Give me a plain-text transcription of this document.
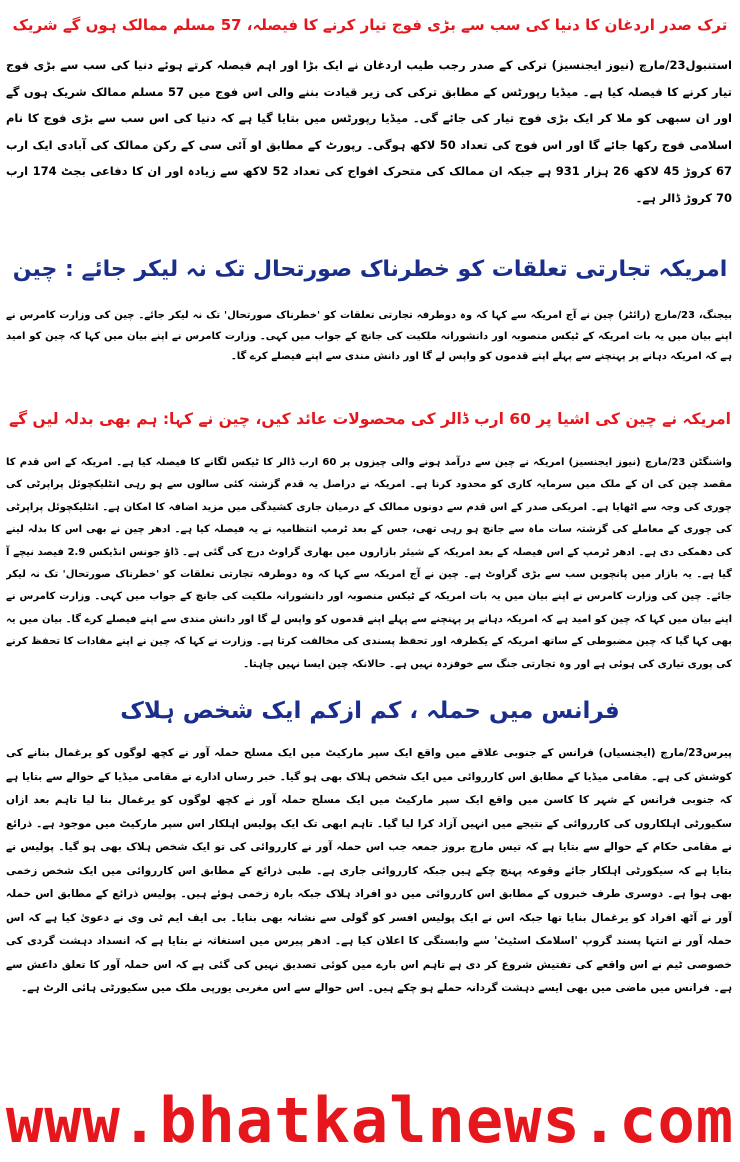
ترک صدر اردغان کا دنیا کی سب سے بڑی فوج تیار کرنے کا فیصلہ، 57 مسلم ممالک ہوں گے شریک

استنبول23/مارچ (نیوز ایجنسیز) ترکی کے صدر رجب طیب اردغان نے ایک بڑا اور اہم فیصلہ کرتے ہوئے دنیا کی سب سے بڑی فوج تیار کرنے کا فیصلہ کیا ہے۔ میڈیا رپورٹس کے مطابق ترکی کی زیر قیادت بننے والی اس فوج میں 57 مسلم ممالک شریک ہوں گے اور ان سبھی کو ملا کر ایک بڑی فوج تیار کی جائے گی۔ میڈیا رپورٹس میں بتایا گیا ہے کہ دنیا کی اس سب سے بڑی فوج کا نام اسلامی فوج رکھا جائے گا اور اس فوج کی تعداد 50 لاکھ ہوگی۔ رپورٹ کے مطابق او آئی سی کے رکن ممالک کی آبادی ایک ارب 67 کروڑ 45 لاکھ 26 ہزار 931 ہے جبکہ ان ممالک کی متحرک افواج کی تعداد 52 لاکھ سے زیادہ اور ان کا دفاعی بجٹ 174 ارب 70 کروڑ ڈالر ہے۔

امریکہ تجارتی تعلقات کو خطرناک صورتحال تک نہ لیکر جائے : چین

بیجنگ، 23/مارچ (رائٹر) چین نے آج امریکہ سے کہا کہ وہ دوطرفہ تجارتی تعلقات کو 'خطرناک صورتحال' تک نہ لیکر جائے۔ چین کی وزارت کامرس نے اپنے بیان میں یہ بات امریکہ کے ٹیکس منصوبہ اور دانشورانہ ملکیت کی جانچ کے جواب میں کہی۔ وزارت کامرس نے اپنے بیان میں کہا کہ چین کو امید ہے کہ امریکہ دہانے پر پہنچنے سے پہلے اپنے قدموں کو واپس لے گا اور دانش مندی سے اپنے فیصلے کرے گا۔

امریکہ نے چین کی اشیا پر 60 ارب ڈالر کی محصولات عائد کیں، چین نے کہا: ہم بھی بدلہ لیں گے

واشنگٹن 23/مارچ (نیوز ایجنسیز) امریکہ نے چین سے درآمد ہونے والی چیزوں پر 60 ارب ڈالر کا ٹیکس لگانے کا فیصلہ کیا ہے۔ امریکہ کے اس قدم کا مقصد چین کی ان کے ملک میں سرمایہ کاری کو محدود کرنا ہے۔ امریکہ نے دراصل یہ قدم گزشتہ کئی سالوں سے ہو رہی انٹلیکچوئل پراپرٹی کی چوری کی وجہ سے اٹھایا ہے۔ امریکی صدر کے اس قدم سے دونوں ممالک کے درمیان جاری کشیدگی میں مزید اضافہ کا امکان ہے۔ انٹلیکچوئل پراپرٹی کی چوری کے معاملے کی گزشتہ سات ماہ سے جانچ ہو رہی تھی، جس کے بعد ٹرمپ انتظامیہ نے یہ فیصلہ کیا ہے۔ ادھر چین نے بھی اس کا بدلہ لینے کی دھمکی دی ہے۔ ادھر ٹرمپ کے اس فیصلہ کے بعد امریکہ کے شیئر بازاروں میں بھاری گراوٹ درج کی گئی ہے۔ ڈاؤ جونس انڈیکس 2.9 فیصد نیچے آ گیا ہے۔ یہ بازار میں پانچویں سب سے بڑی گراوٹ ہے۔ چین نے آج امریکہ سے کہا کہ وہ دوطرفہ تجارتی تعلقات کو 'خطرناک صورتحال' تک نہ لیکر جائے۔ چین کی وزارت کامرس نے اپنے بیان میں یہ بات امریکہ کے ٹیکس منصوبہ اور دانشورانہ ملکیت کی جانچ کے جواب میں کہی۔ وزارت کامرس نے اپنے بیان میں کہا کہ چین کو امید ہے کہ امریکہ دہانے پر پہنچنے سے پہلے اپنے قدموں کو واپس لے گا اور دانش مندی سے اپنے فیصلے کرے گا۔ بیان میں یہ بھی کہا گیا کہ چین مضبوطی کے ساتھ امریکہ کے یکطرفہ اور تحفظ پسندی کی مخالفت کرتا ہے۔ وزارت نے کہا کہ چین نے اپنے مفادات کا تحفظ کرنے کی پوری تیاری کی ہوئی ہے اور وہ تجارتی جنگ سے خوفزدہ نہیں ہے۔ حالانکہ چین ایسا نہیں چاہتا۔

فرانس میں حملہ ، کم ازکم ایک شخص ہلاک

پیرس23/مارچ (ایجنسیاں) فرانس کے جنوبی علاقے میں واقع ایک سپر مارکیٹ میں ایک مسلح حملہ آور نے کچھ لوگوں کو یرغمال بنانے کی کوشش کی ہے۔ مقامی میڈیا کے مطابق اس کارروائی میں ایک شخص ہلاک بھی ہو گیا۔ خبر رساں ادارے نے مقامی میڈیا کے حوالے سے بتایا ہے کہ جنوبی فرانس کے شہر کا کاسن میں واقع ایک سپر مارکیٹ میں ایک مسلح حملہ آور نے کچھ لوگوں کو یرغمال بنا لیا تاہم بعد ازاں سکیورٹی اہلکاروں کی کارروائی کے نتیجے میں انہیں آزاد کرا لیا گیا۔ تاہم ابھی تک ایک پولیس اہلکار اس سپر مارکیٹ میں موجود ہے۔ ذرائع نے مقامی حکام کے حوالے سے بتایا ہے کہ تیس مارچ بروز جمعہ جب اس حملہ آور نے کارروائی کی تو ایک شخص ہلاک بھی ہو گیا۔ پولیس نے بتایا ہے کہ سیکورٹی اہلکار جائے وقوعہ پہنچ چکے ہیں جبکہ کارروائی جاری ہے۔ طبی ذرائع کے مطابق اس کارروائی میں ایک شخص زخمی بھی ہوا ہے۔ دوسری طرف خبروں کے مطابق اس کارروائی میں دو افراد ہلاک جبکہ بارہ زخمی ہوئے ہیں۔ پولیس ذرائع کے مطابق اس حملہ آور نے آٹھ افراد کو یرغمال بنایا تھا جبکہ اس نے ایک پولیس افسر کو گولی سے نشانہ بھی بنایا۔ بی ایف ایم ٹی وی نے دعویٰ کیا ہے کہ اس حملہ آور نے انتہا پسند گروپ 'اسلامک اسٹیٹ' سے وابستگی کا اعلان کیا ہے۔ ادھر پیرس میں استغاثہ نے بتایا ہے کہ انسداد دہشت گردی کی خصوصی ٹیم نے اس واقعے کی تفتیش شروع کر دی ہے تاہم اس بارے میں کوئی تصدیق نہیں کی گئی ہے کہ اس حملہ آور کا تعلق داعش سے ہے۔ فرانس میں ماضی میں بھی ایسے دہشت گردانہ حملے ہو چکے ہیں۔ اس حوالے سے اس مغربی یورپی ملک میں سکیورٹی ہائی الرٹ ہے۔

www.bhatkalnews.com
